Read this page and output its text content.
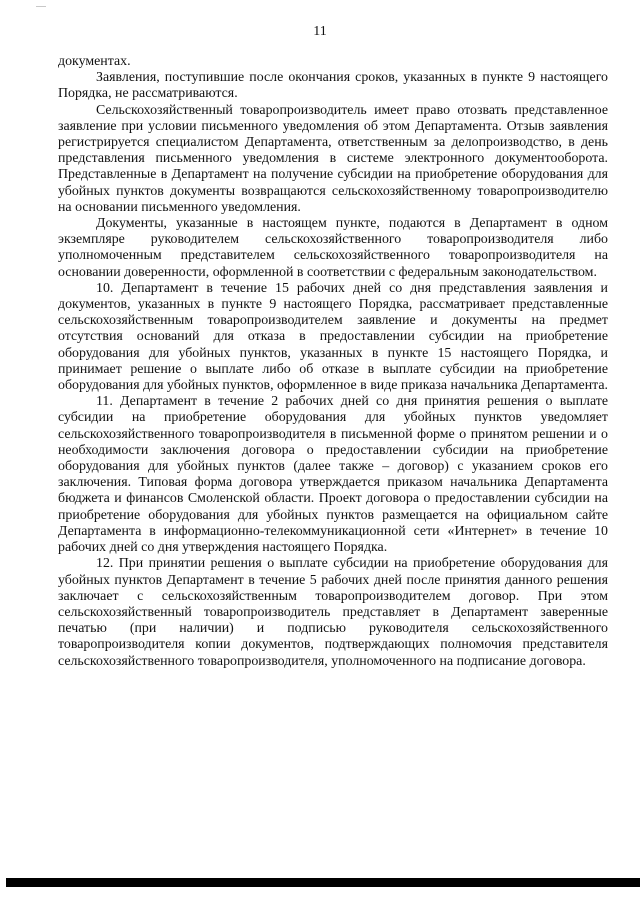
11

документах.

Заявления, поступившие после окончания сроков, указанных в пункте 9 настоящего Порядка, не рассматриваются.

Сельскохозяйственный товаропроизводитель имеет право отозвать представленное заявление при условии письменного уведомления об этом Департамента. Отзыв заявления регистрируется специалистом Департамента, ответственным за делопроизводство, в день представления письменного уведомления в системе электронного документооборота. Представленные в Департамент на получение субсидии на приобретение оборудования для убойных пунктов документы возвращаются сельскохозяйственному товаропроизводителю на основании письменного уведомления.

Документы, указанные в настоящем пункте, подаются в Департамент в одном экземпляре руководителем сельскохозяйственного товаропроизводителя либо уполномоченным представителем сельскохозяйственного товаропроизводителя на основании доверенности, оформленной в соответствии с федеральным законодательством.

10. Департамент в течение 15 рабочих дней со дня представления заявления и документов, указанных в пункте 9 настоящего Порядка, рассматривает представленные сельскохозяйственным товаропроизводителем заявление и документы на предмет отсутствия оснований для отказа в предоставлении субсидии на приобретение оборудования для убойных пунктов, указанных в пункте 15 настоящего Порядка, и принимает решение о выплате либо об отказе в выплате субсидии на приобретение оборудования для убойных пунктов, оформленное в виде приказа начальника Департамента.

11. Департамент в течение 2 рабочих дней со дня принятия решения о выплате субсидии на приобретение оборудования для убойных пунктов уведомляет сельскохозяйственного товаропроизводителя в письменной форме о принятом решении и о необходимости заключения договора о предоставлении субсидии на приобретение оборудования для убойных пунктов (далее также – договор) с указанием сроков его заключения. Типовая форма договора утверждается приказом начальника Департамента бюджета и финансов Смоленской области. Проект договора о предоставлении субсидии на приобретение оборудования для убойных пунктов размещается на официальном сайте Департамента в информационно-телекоммуникационной сети «Интернет» в течение 10 рабочих дней со дня утверждения настоящего Порядка.

12. При принятии решения о выплате субсидии на приобретение оборудования для убойных пунктов Департамент в течение 5 рабочих дней после принятия данного решения заключает с сельскохозяйственным товаропроизводителем договор. При этом сельскохозяйственный товаропроизводитель представляет в Департамент заверенные печатью (при наличии) и подписью руководителя сельскохозяйственного товаропроизводителя копии документов, подтверждающих полномочия представителя сельскохозяйственного товаропроизводителя, уполномоченного на подписание договора.
